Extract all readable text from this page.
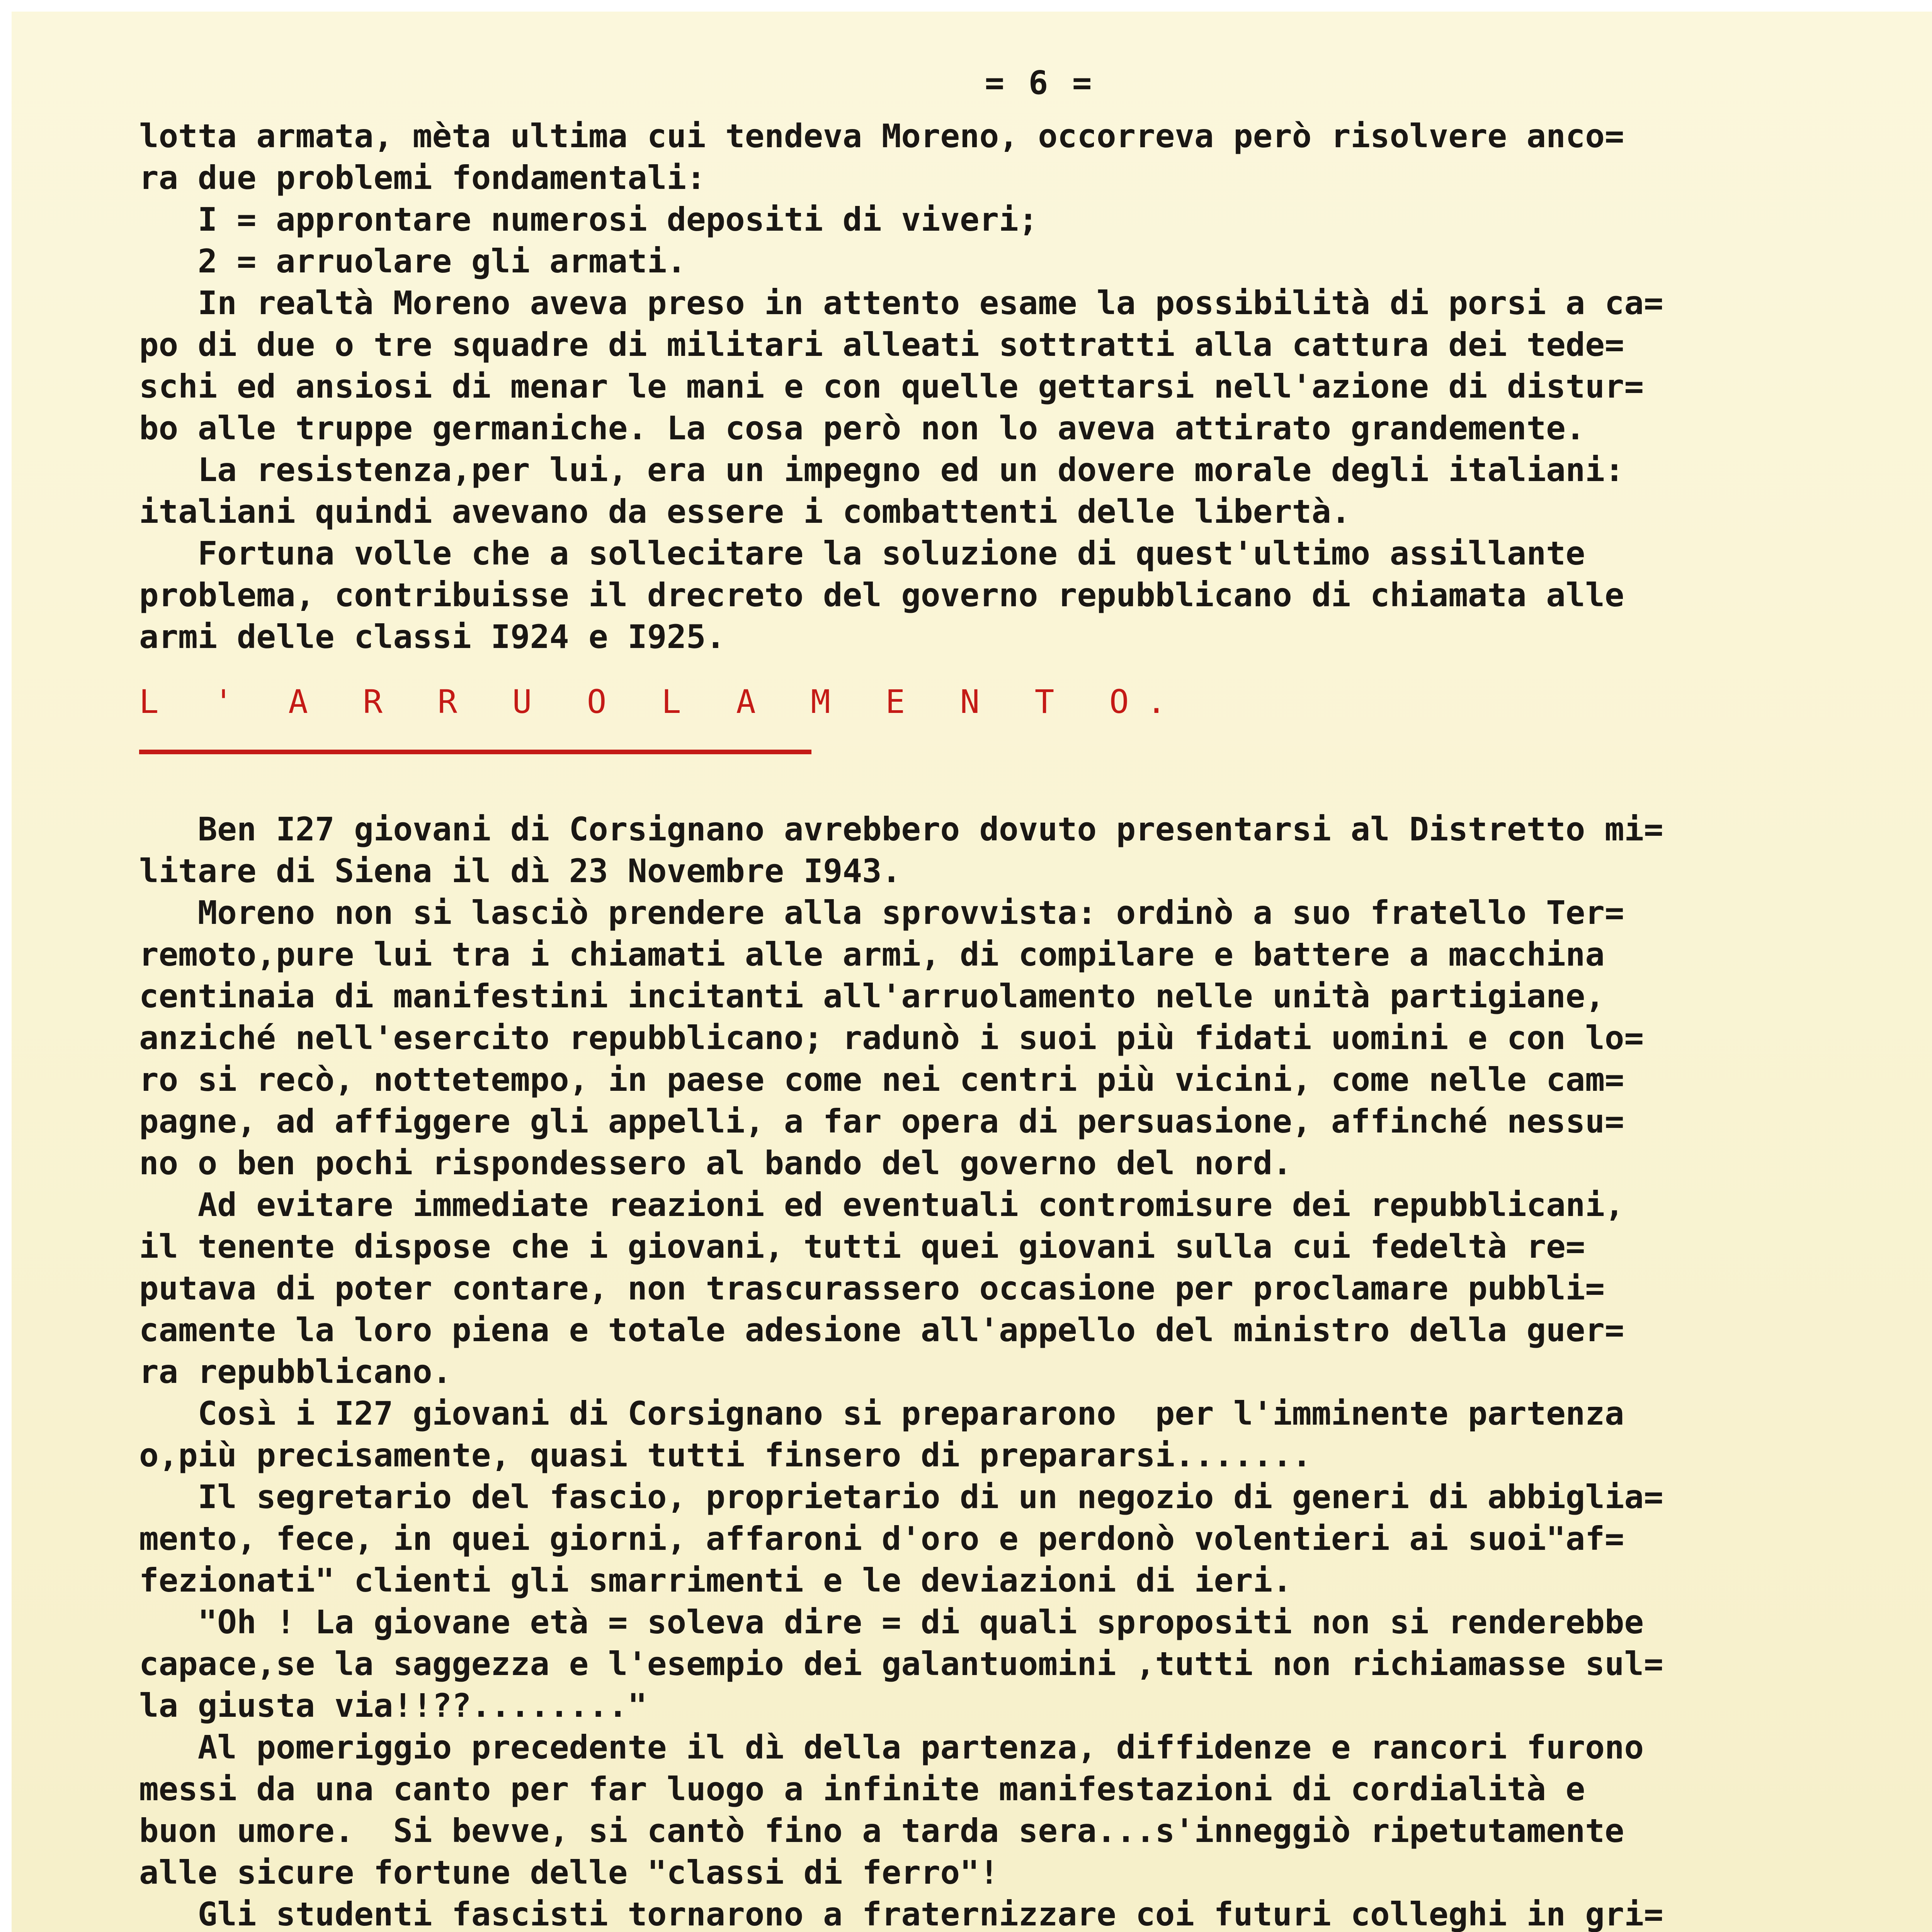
= 6 =
lotta armata, mèta ultima cui tendeva Moreno, occorreva però risolvere anco=
ra due problemi fondamentali:
I = approntare numerosi depositi di viveri;
2 = arruolare gli armati.
In realtà Moreno aveva preso in attento esame la possibilità di porsi a ca=
po di due o tre squadre di militari alleati sottratti alla cattura dei tede=
schi ed ansiosi di menar le mani e con quelle gettarsi nell'azione di distur=
bo alle truppe germaniche. La cosa però non lo aveva attirato grandemente.
La resistenza,per lui, era un impegno ed un dovere morale degli italiani:
italiani quindi avevano da essere i combattenti delle libertà.
Fortuna volle che a sollecitare la soluzione di quest'ultimo assillante
problema, contribuisse il drecreto del governo repubblicano di chiamata alle
armi delle classi I924 e I925.
L ' A R R U O L A M E N T O.
Ben I27 giovani di Corsignano avrebbero dovuto presentarsi al Distretto mi=
litare di Siena il dì 23 Novembre I943.
Moreno non si lasciò prendere alla sprovvista: ordinò a suo fratello Ter=
remoto,pure lui tra i chiamati alle armi, di compilare e battere a macchina
centinaia di manifestini incitanti all'arruolamento nelle unità partigiane,
anziché nell'esercito repubblicano; radunò i suoi più fidati uomini e con lo=
ro si recò, nottetempo, in paese come nei centri più vicini, come nelle cam=
pagne, ad affiggere gli appelli, a far opera di persuasione, affinché nessu=
no o ben pochi rispondessero al bando del governo del nord.
Ad evitare immediate reazioni ed eventuali contromisure dei repubblicani,
il tenente dispose che i giovani, tutti quei giovani sulla cui fedeltà re=
putava di poter contare, non trascurassero occasione per proclamare pubbli=
camente la loro piena e totale adesione all'appello del ministro della guer=
ra repubblicano.
Così i I27 giovani di Corsignano si prepararono  per l'imminente partenza
o,più precisamente, quasi tutti finsero di prepararsi.......
Il segretario del fascio, proprietario di un negozio di generi di abbiglia=
mento, fece, in quei giorni, affaroni d'oro e perdonò volentieri ai suoi"af=
fezionati" clienti gli smarrimenti e le deviazioni di ieri.
"Oh ! La giovane età = soleva dire = di quali spropositi non si renderebbe
capace,se la saggezza e l'esempio dei galantuomini ,tutti non richiamasse sul=
la giusta via!!??........"
Al pomeriggio precedente il dì della partenza, diffidenze e rancori furono
messi da una canto per far luogo a infinite manifestazioni di cordialità e
buon umore.  Si bevve, si cantò fino a tarda sera...s'inneggiò ripetutamente
alle sicure fortune delle "classi di ferro"!
Gli studenti fascisti tornarono a fraternizzare coi futuri colleghi in gri=
